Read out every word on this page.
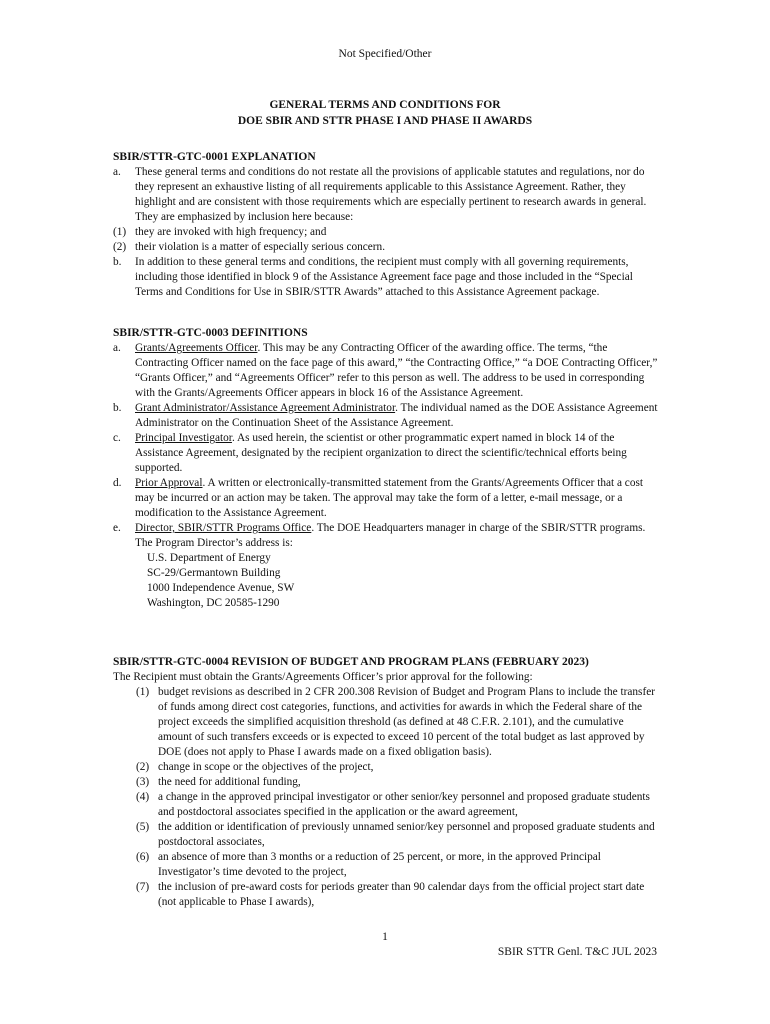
Not Specified/Other
GENERAL TERMS AND CONDITIONS FOR
DOE SBIR AND STTR PHASE I AND PHASE II AWARDS
SBIR/STTR-GTC-0001 EXPLANATION
a. These general terms and conditions do not restate all the provisions of applicable statutes and regulations, nor do they represent an exhaustive listing of all requirements applicable to this Assistance Agreement. Rather, they highlight and are consistent with those requirements which are especially pertinent to research awards in general. They are emphasized by inclusion here because:
(1) they are invoked with high frequency; and
(2) their violation is a matter of especially serious concern.
b. In addition to these general terms and conditions, the recipient must comply with all governing requirements, including those identified in block 9 of the Assistance Agreement face page and those included in the “Special Terms and Conditions for Use in SBIR/STTR Awards” attached to this Assistance Agreement package.
SBIR/STTR-GTC-0003 DEFINITIONS
a. Grants/Agreements Officer. This may be any Contracting Officer of the awarding office. The terms, “the Contracting Officer named on the face page of this award,” “the Contracting Office,” “a DOE Contracting Officer,” “Grants Officer,” and “Agreements Officer” refer to this person as well. The address to be used in corresponding with the Grants/Agreements Officer appears in block 16 of the Assistance Agreement.
b. Grant Administrator/Assistance Agreement Administrator. The individual named as the DOE Assistance Agreement Administrator on the Continuation Sheet of the Assistance Agreement.
c. Principal Investigator. As used herein, the scientist or other programmatic expert named in block 14 of the Assistance Agreement, designated by the recipient organization to direct the scientific/technical efforts being supported.
d. Prior Approval. A written or electronically-transmitted statement from the Grants/Agreements Officer that a cost may be incurred or an action may be taken. The approval may take the form of a letter, e-mail message, or a modification to the Assistance Agreement.
e. Director, SBIR/STTR Programs Office. The DOE Headquarters manager in charge of the SBIR/STTR programs. The Program Director’s address is:
U.S. Department of Energy
SC-29/Germantown Building
1000 Independence Avenue, SW
Washington, DC 20585-1290
SBIR/STTR-GTC-0004 REVISION OF BUDGET AND PROGRAM PLANS (FEBRUARY 2023)
The Recipient must obtain the Grants/Agreements Officer’s prior approval for the following:
(1) budget revisions as described in 2 CFR 200.308 Revision of Budget and Program Plans to include the transfer of funds among direct cost categories, functions, and activities for awards in which the Federal share of the project exceeds the simplified acquisition threshold (as defined at 48 C.F.R. 2.101), and the cumulative amount of such transfers exceeds or is expected to exceed 10 percent of the total budget as last approved by DOE (does not apply to Phase I awards made on a fixed obligation basis).
(2) change in scope or the objectives of the project,
(3) the need for additional funding,
(4) a change in the approved principal investigator or other senior/key personnel and proposed graduate students and postdoctoral associates specified in the application or the award agreement,
(5) the addition or identification of previously unnamed senior/key personnel and proposed graduate students and postdoctoral associates,
(6) an absence of more than 3 months or a reduction of 25 percent, or more, in the approved Principal Investigator’s time devoted to the project,
(7) the inclusion of pre-award costs for periods greater than 90 calendar days from the official project start date (not applicable to Phase I awards),
1
SBIR STTR Genl. T&C JUL 2023
